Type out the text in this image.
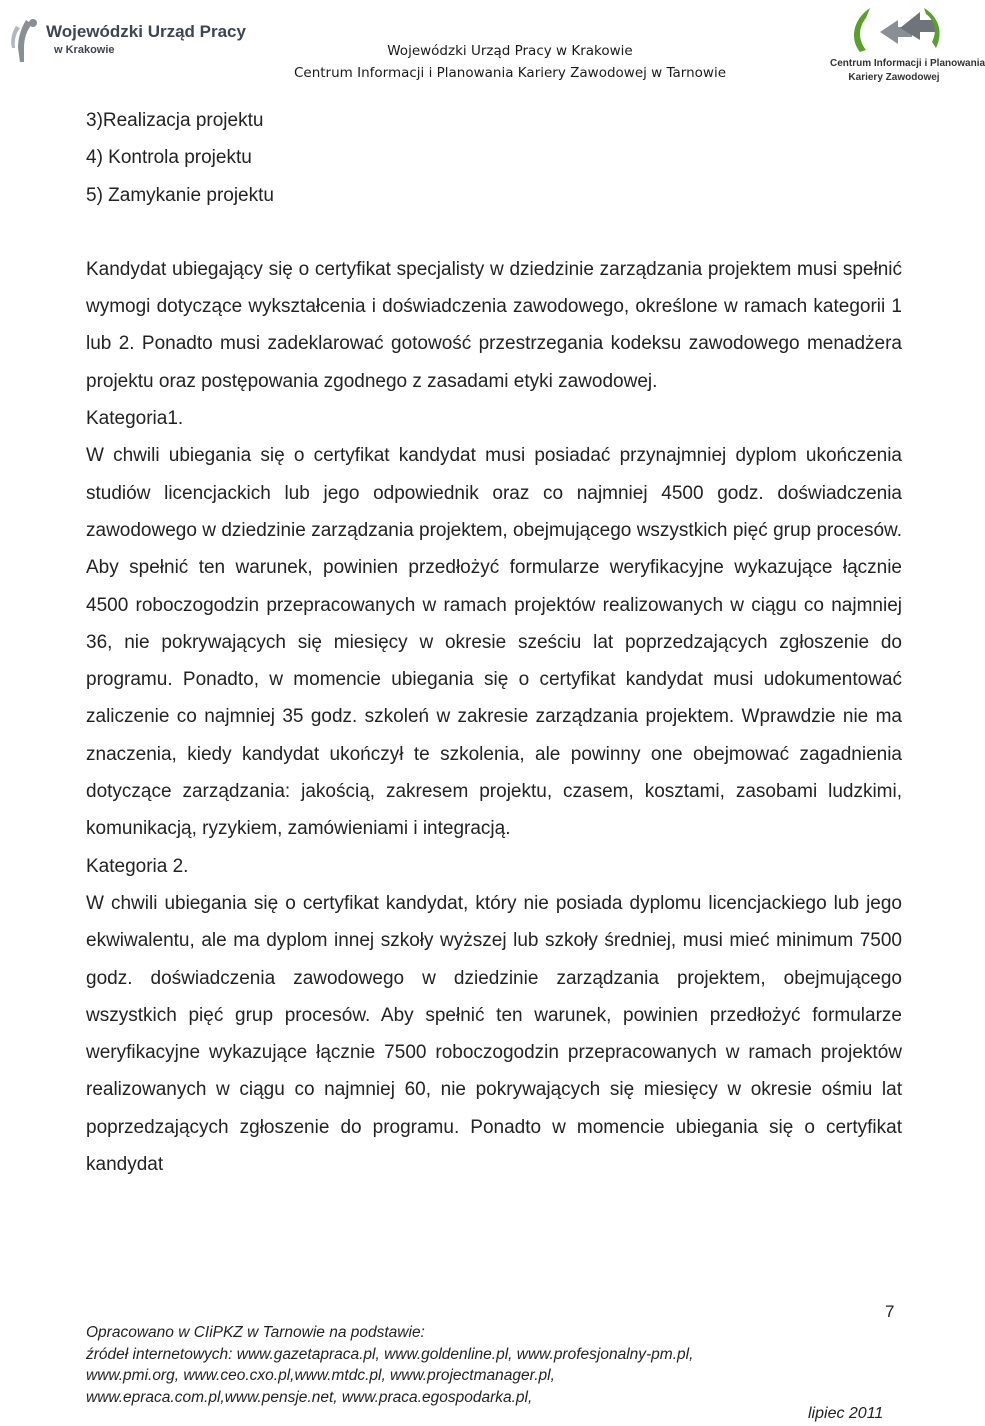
Wojewódzki Urząd Pracy
w Krakowie	Wojewódzki Urząd Pracy w Krakowie
Centrum Informacji i Planowania Kariery Zawodowej w Tarnowie
Centrum Informacji i Planowania
Kariery Zawodowej
3)Realizacja projektu
4) Kontrola projektu
5) Zamykanie projektu

Kandydat ubiegający się o certyfikat specjalisty w dziedzinie zarządzania projektem musi spełnić wymogi dotyczące wykształcenia i doświadczenia zawodowego, określone w ramach kategorii 1 lub 2. Ponadto musi zadeklarować gotowość przestrzegania kodeksu zawodowego menadżera projektu oraz postępowania zgodnego z zasadami etyki zawodowej.

Kategoria1.

W chwili ubiegania się o certyfikat kandydat musi posiadać przynajmniej dyplom ukończenia studiów licencjackich lub jego odpowiednik oraz co najmniej 4500 godz. doświadczenia zawodowego w dziedzinie zarządzania projektem, obejmującego wszystkich pięć grup procesów. Aby spełnić ten warunek, powinien przedłożyć formularze weryfikacyjne wykazujące łącznie 4500 roboczogodzin przepracowanych w ramach projektów realizowanych w ciągu co najmniej 36, nie pokrywających się miesięcy w okresie sześciu lat poprzedzających zgłoszenie do programu. Ponadto, w momencie ubiegania się o certyfikat kandydat musi udokumentować zaliczenie co najmniej 35 godz. szkoleń w zakresie zarządzania projektem. Wprawdzie nie ma znaczenia, kiedy kandydat ukończył te szkolenia, ale powinny one obejmować zagadnienia dotyczące zarządzania: jakością, zakresem projektu, czasem, kosztami, zasobami ludzkimi, komunikacją, ryzykiem, zamówieniami i integracją.

Kategoria 2.

W chwili ubiegania się o certyfikat kandydat, który nie posiada dyplomu licencjackiego lub jego ekwiwalentu, ale ma dyplom innej szkoły wyższej lub szkoły średniej, musi mieć minimum 7500 godz. doświadczenia zawodowego w dziedzinie zarządzania projektem, obejmującego wszystkich pięć grup procesów. Aby spełnić ten warunek, powinien przedłożyć formularze weryfikacyjne wykazujące łącznie 7500 roboczogodzin przepracowanych w ramach projektów realizowanych w ciągu co najmniej 60, nie pokrywających się miesięcy w okresie ośmiu lat poprzedzających zgłoszenie do programu. Ponadto w momencie ubiegania się o certyfikat kandydat

7
Opracowano w CIiPKZ w Tarnowie na podstawie:
źródeł internetowych: www.gazetapraca.pl, www.goldenline.pl, www.profesjonalny-pm.pl,
www.pmi.org, www.ceo.cxo.pl,www.mtdc.pl, www.projectmanager.pl,
www.epraca.com.pl,www.pensje.net, www.praca.egospodarka.pl,
lipiec 2011
